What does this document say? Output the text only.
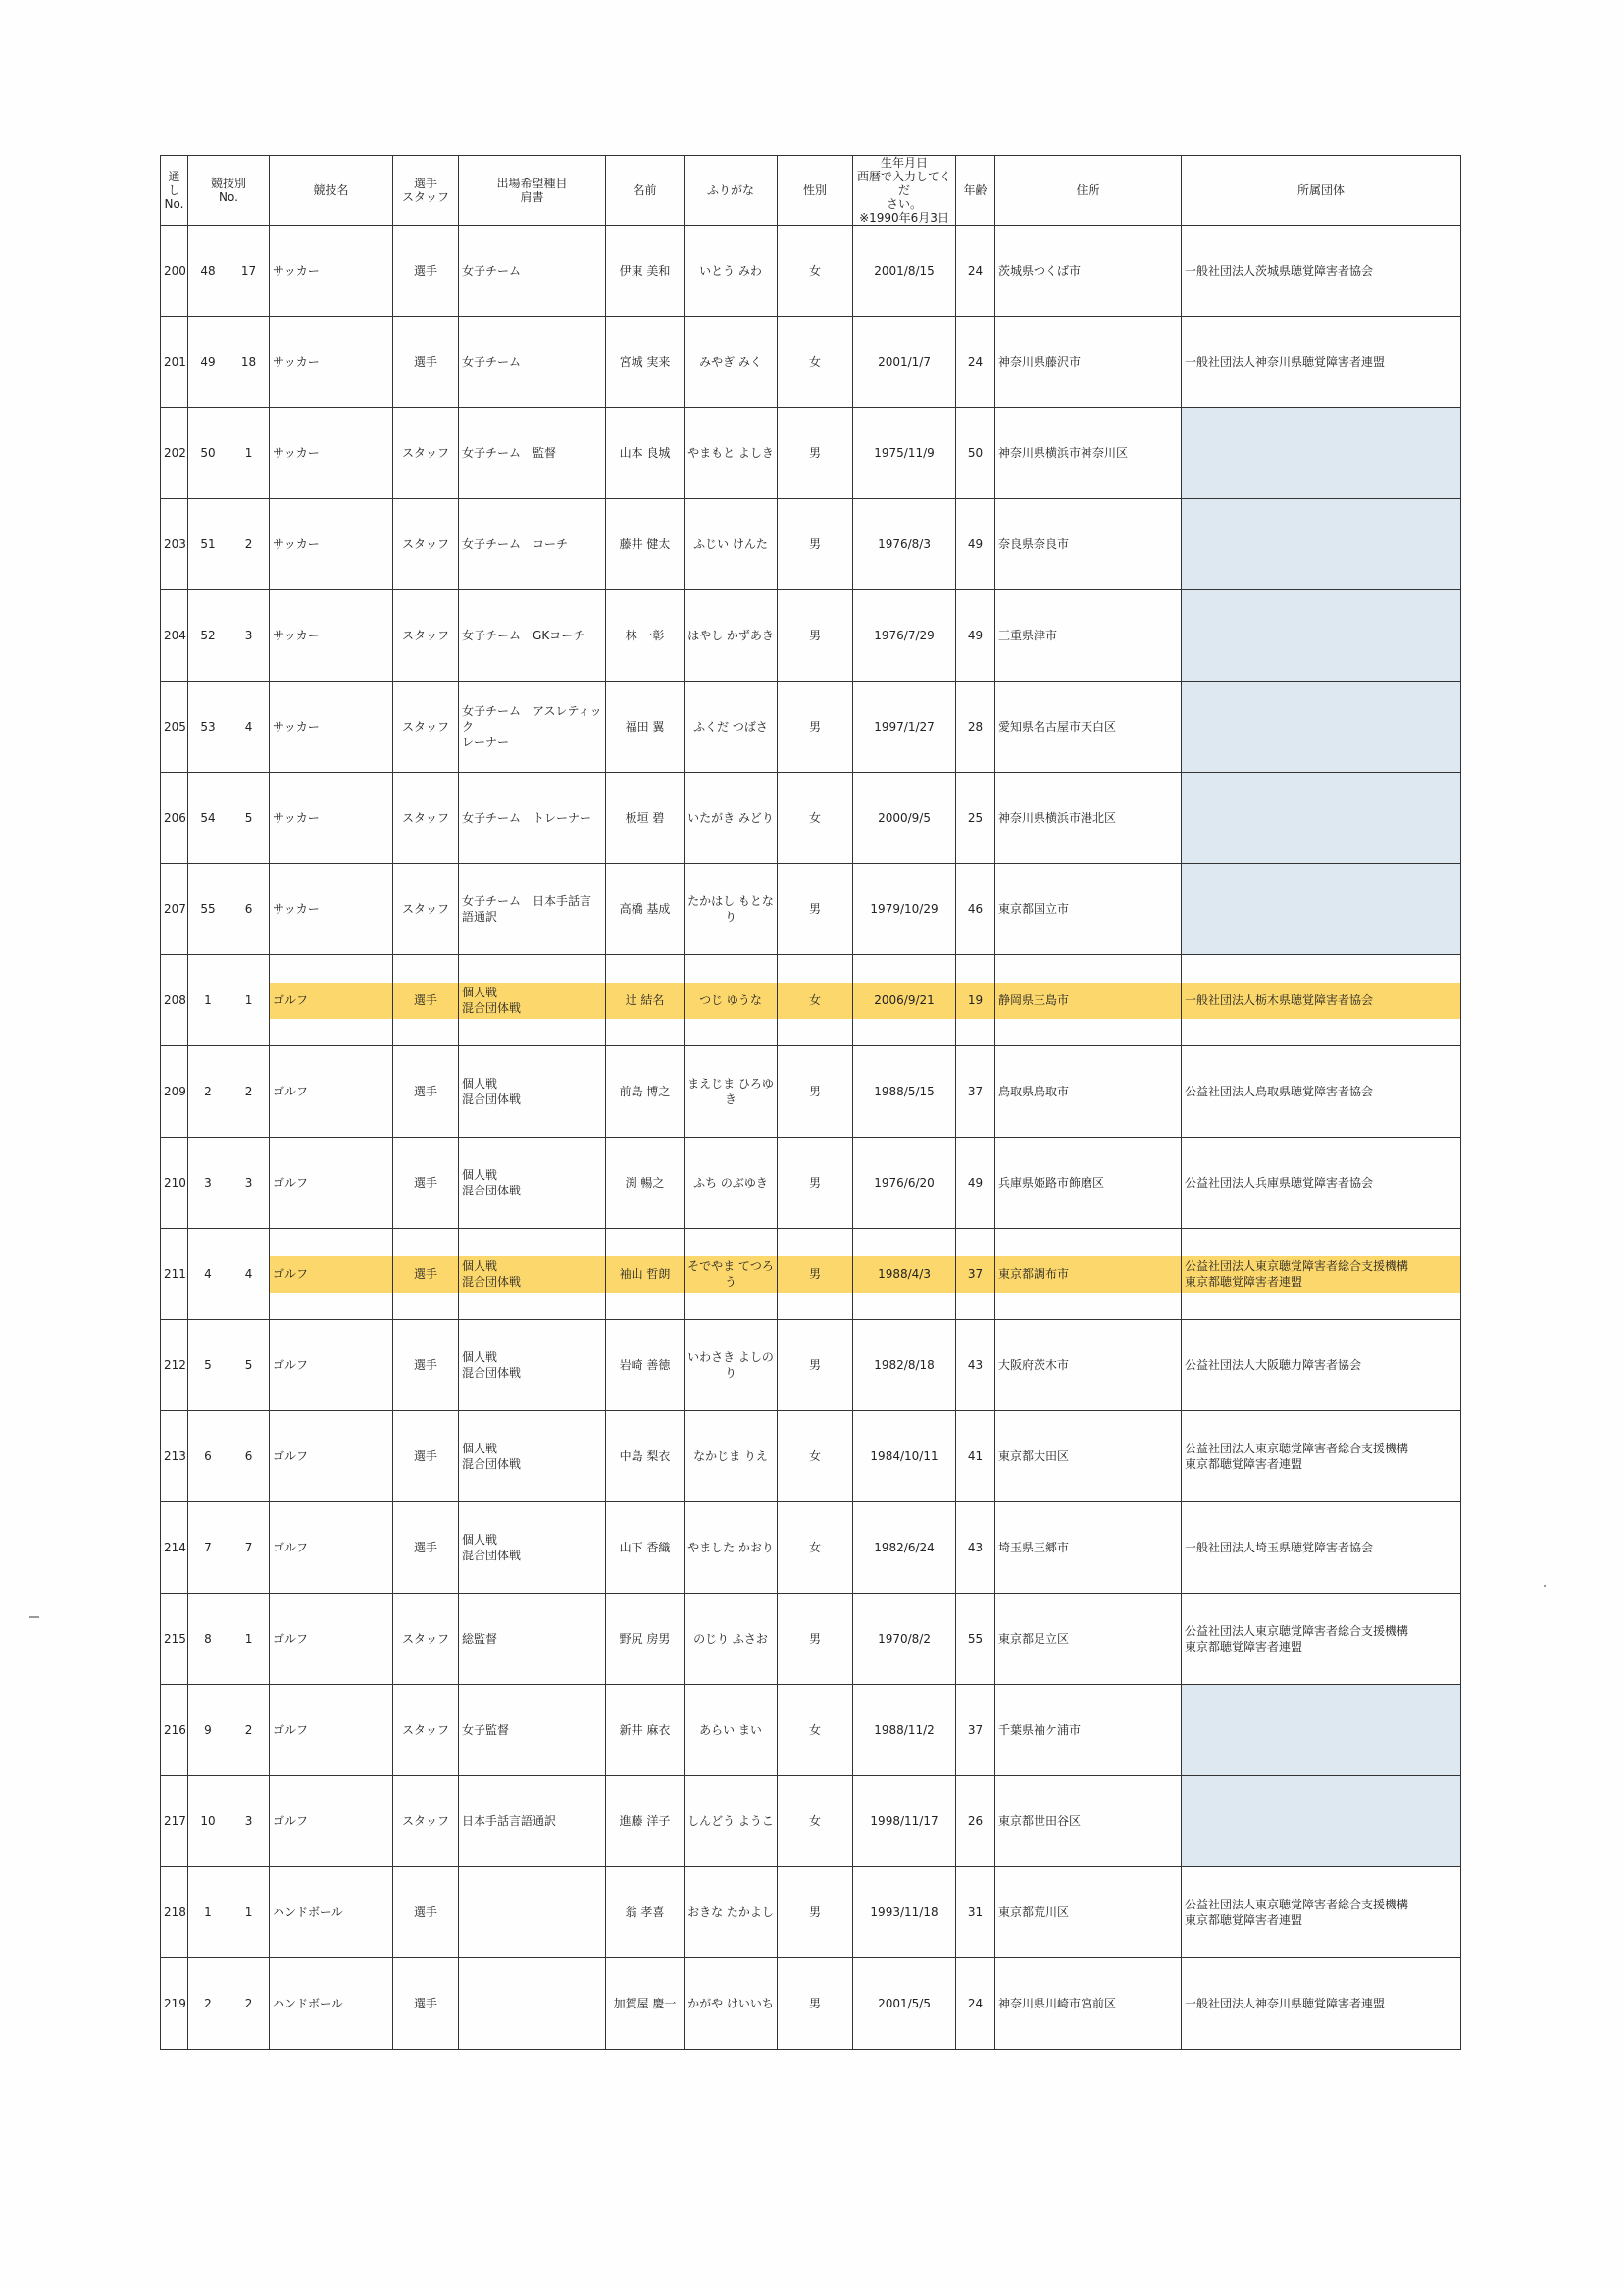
通し
No.	競技別
No.		競技名	選手
スタッフ	出場希望種目
肩書	名前	ふりがな	性別	生年月日
西暦で入力してくだ
さい。
※1990年6月3日	年齢	住所	所属団体
200	48	17	サッカー	選手	女子チーム	伊東 美和	いとう みわ	女	2001/8/15	24	茨城県つくば市	一般社団法人茨城県聴覚障害者協会

201	49	18	サッカー	選手	女子チーム	宮城 実来	みやぎ みく	女	2001/1/7	24	神奈川県藤沢市	一般社団法人神奈川県聴覚障害者連盟

202	50	1	サッカー	スタッフ	女子チーム　監督	山本 良城	やまもと よしき	男	1975/11/9	50	神奈川県横浜市神奈川区	
203	51	2	サッカー	スタッフ	女子チーム　コーチ	藤井 健太	ふじい けんた	男	1976/8/3	49	奈良県奈良市	
204	52	3	サッカー	スタッフ	女子チーム　GKコーチ	林 一彰	はやし かずあき	男	1976/7/29	49	三重県津市	
205	53	4	サッカー	スタッフ	女子チーム　アスレティック
レーナー	福田 翼	ふくだ つばさ	男	1997/1/27	28	愛知県名古屋市天白区	
206	54	5	サッカー	スタッフ	女子チーム　トレーナー	板垣 碧	いたがき みどり	女	2000/9/5	25	神奈川県横浜市港北区	
207	55	6	サッカー	スタッフ	女子チーム　日本手話言
語通訳	高橋 基成	たかはし もとなり	男	1979/10/29	46	東京都国立市	
208	1	1	ゴルフ	選手	個人戦
混合団体戦	辻 結名	つじ ゆうな	女	2006/9/21	19	静岡県三島市	一般社団法人栃木県聴覚障害者協会

209	2	2	ゴルフ	選手	個人戦
混合団体戦	前島 博之	まえじま ひろゆき	男	1988/5/15	37	鳥取県鳥取市	公益社団法人鳥取県聴覚障害者協会

210	3	3	ゴルフ	選手	個人戦
混合団体戦	渕 暢之	ふち のぶゆき	男	1976/6/20	49	兵庫県姫路市飾磨区	公益社団法人兵庫県聴覚障害者協会

211	4	4	ゴルフ	選手	個人戦
混合団体戦	袖山 哲朗	そでやま てつろう	男	1988/4/3	37	東京都調布市	公益社団法人東京聴覚障害者総合支援機構
東京都聴覚障害者連盟

212	5	5	ゴルフ	選手	個人戦
混合団体戦	岩崎 善徳	いわさき よしのり	男	1982/8/18	43	大阪府茨木市	公益社団法人大阪聴力障害者協会

213	6	6	ゴルフ	選手	個人戦
混合団体戦	中島 梨衣	なかじま りえ	女	1984/10/11	41	東京都大田区	公益社団法人東京聴覚障害者総合支援機構
東京都聴覚障害者連盟

214	7	7	ゴルフ	選手	個人戦
混合団体戦	山下 香織	やました かおり	女	1982/6/24	43	埼玉県三郷市	一般社団法人埼玉県聴覚障害者協会

215	8	1	ゴルフ	スタッフ	総監督	野尻 房男	のじり ふさお	男	1970/8/2	55	東京都足立区	公益社団法人東京聴覚障害者総合支援機構
東京都聴覚障害者連盟

216	9	2	ゴルフ	スタッフ	女子監督	新井 麻衣	あらい まい	女	1988/11/2	37	千葉県袖ケ浦市	
217	10	3	ゴルフ	スタッフ	日本手話言語通訳	進藤 洋子	しんどう ようこ	女	1998/11/17	26	東京都世田谷区	
218	1	1	ハンドボール	選手		翁 孝喜	おきな たかよし	男	1993/11/18	31	東京都荒川区	公益社団法人東京聴覚障害者総合支援機構
東京都聴覚障害者連盟

219	2	2	ハンドボール	選手		加賀屋 慶一	かがや けいいち	男	2001/5/5	24	神奈川県川崎市宮前区	一般社団法人神奈川県聴覚障害者連盟
